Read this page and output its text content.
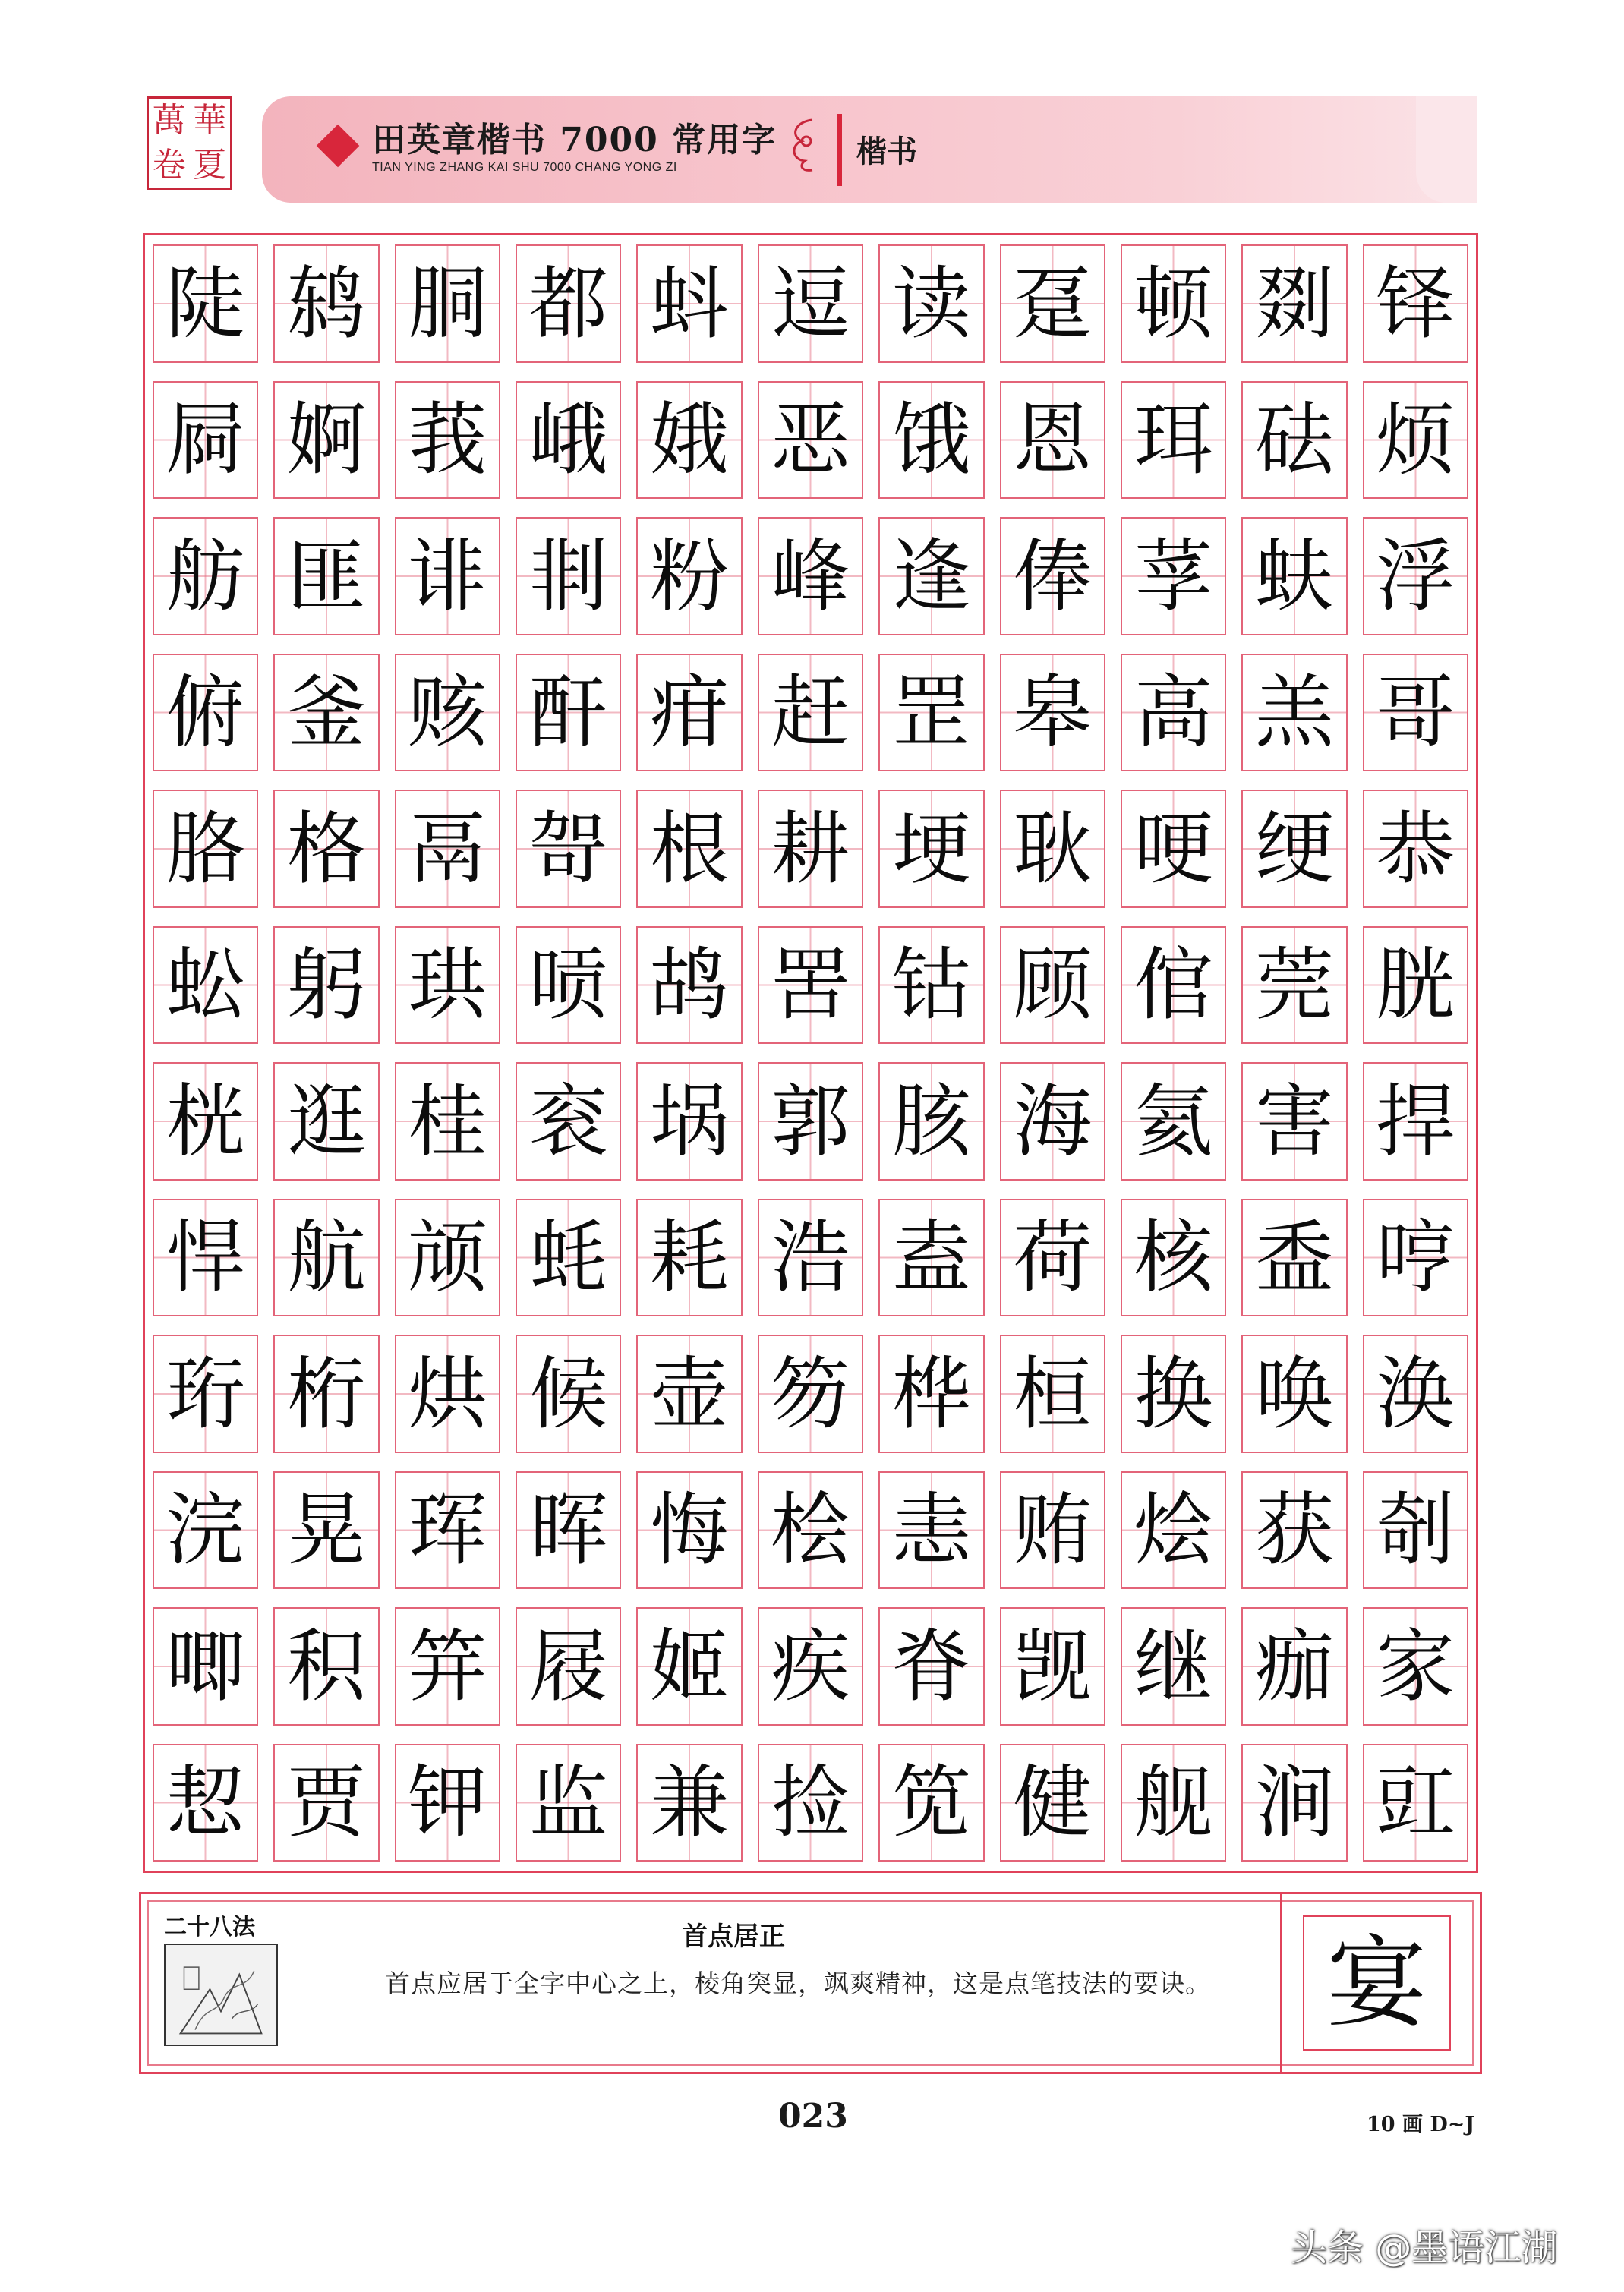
萬 華
卷 夏
田英章楷书 7000 常用字
TIAN YING ZHANG KAI SHU 7000 CHANG YONG ZI	楷书
陡 鸫 胴 都 蚪 逗 读 趸 顿 剟 铎
屙 婀 莪 峨 娥 恶 饿 恩 珥 砝 烦
舫 匪 诽 剕 粉 峰 逢 俸 莩 蚨 浮
俯 釜 赅 酐 疳 赶 罡 皋 高 羔 哥
胳 格 鬲 哿 根 耕 埂 耿 哽 绠 恭
蚣 躬 珙 唝 鸪 罟 钴 顾 倌 莞 胱
桄 逛 桂 衮 埚 郭 胲 海 氦 害 捍
悍 航 颃 蚝 耗 浩 盍 荷 核 盉 哼
珩 桁 烘 候 壶 笏 桦 桓 换 唤 涣
浣 晃 珲 晖 悔 桧 恚 贿 烩 获 剞
唧 积 笄 屐 姬 疾 脊 觊 继 痂 家
恝 贾 钾 监 兼 捡 笕 健 舰 涧 豇
二十八法	首点居正
首点应居于全字中心之上，棱角突显，飒爽精神，这是点笔技法的要诀。	宴
023	10 画 D~J
头条 @墨语江湖
